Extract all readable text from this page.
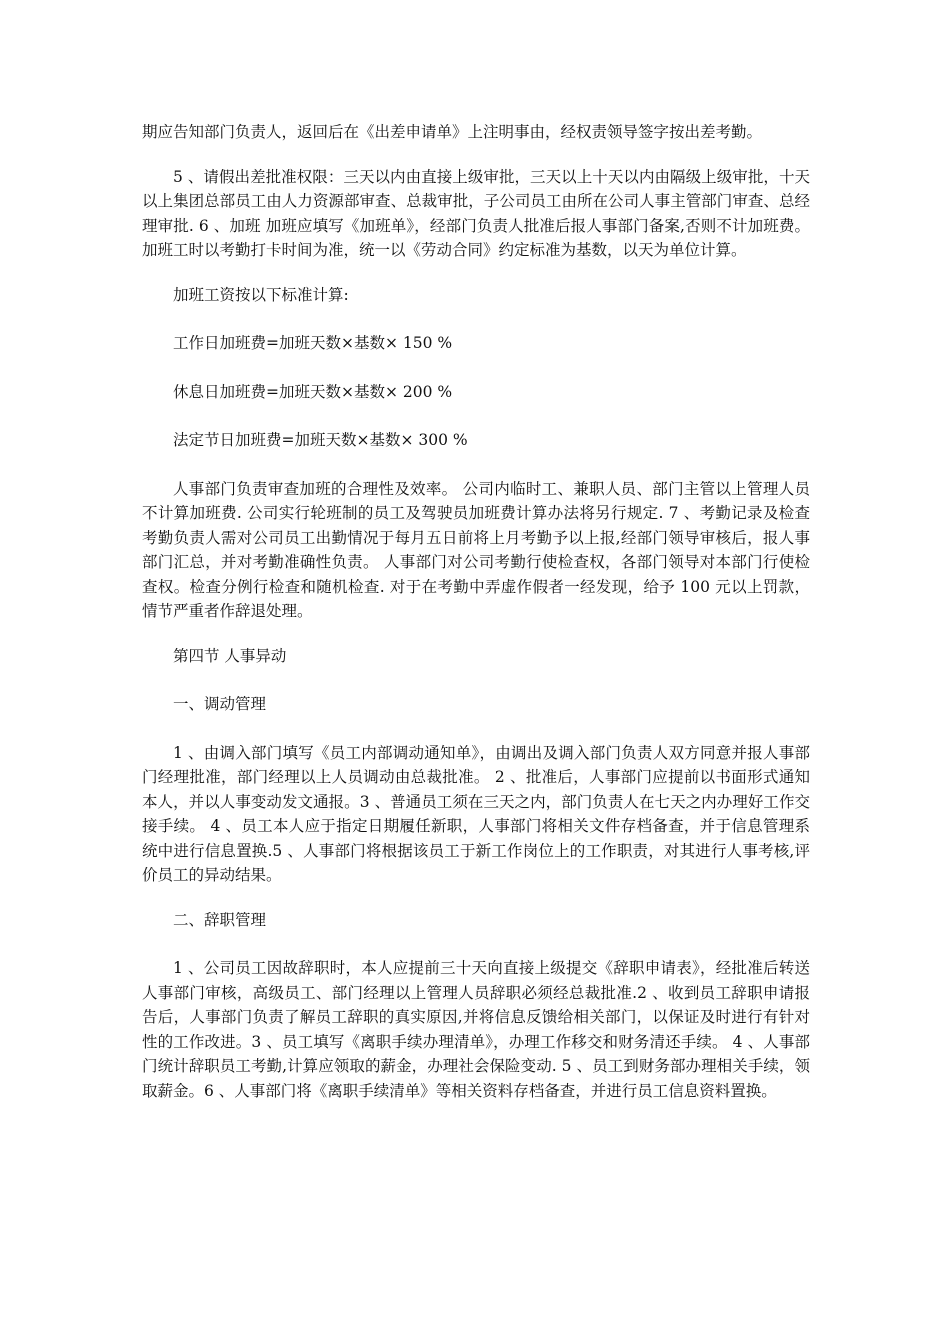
期应告知部门负责人，返回后在《出差申请单》上注明事由，经权责领导签字按出差考勤。

5 、请假出差批准权限：三天以内由直接上级审批，三天以上十天以内由隔级上级审批，十天以上集团总部员工由人力资源部审查、总裁审批，子公司员工由所在公司人事主管部门审查、总经理审批. 6 、加班 加班应填写《加班单》，经部门负责人批准后报人事部门备案,否则不计加班费。加班工时以考勤打卡时间为准，统一以《劳动合同》约定标准为基数，以天为单位计算。

加班工资按以下标准计算:

工作日加班费=加班天数×基数× 150 %

休息日加班费=加班天数×基数× 200 %

法定节日加班费=加班天数×基数× 300 %

人事部门负责审查加班的合理性及效率。 公司内临时工、兼职人员、部门主管以上管理人员不计算加班费. 公司实行轮班制的员工及驾驶员加班费计算办法将另行规定. 7 、考勤记录及检查 考勤负责人需对公司员工出勤情况于每月五日前将上月考勤予以上报,经部门领导审核后，报人事部门汇总，并对考勤准确性负责。 人事部门对公司考勤行使检查权，各部门领导对本部门行使检查权。检查分例行检查和随机检查. 对于在考勤中弄虚作假者一经发现，给予 100 元以上罚款，情节严重者作辞退处理。

第四节 人事异动

一、调动管理

1 、由调入部门填写《员工内部调动通知单》，由调出及调入部门负责人双方同意并报人事部门经理批准，部门经理以上人员调动由总裁批准。 2 、批准后，人事部门应提前以书面形式通知本人，并以人事变动发文通报。3 、普通员工须在三天之内，部门负责人在七天之内办理好工作交接手续。 4 、员工本人应于指定日期履任新职，人事部门将相关文件存档备查，并于信息管理系统中进行信息置换.5 、人事部门将根据该员工于新工作岗位上的工作职责，对其进行人事考核,评价员工的异动结果。

二、辞职管理

1 、公司员工因故辞职时，本人应提前三十天向直接上级提交《辞职申请表》，经批准后转送人事部门审核，高级员工、部门经理以上管理人员辞职必须经总裁批准.2 、收到员工辞职申请报告后，人事部门负责了解员工辞职的真实原因,并将信息反馈给相关部门，以保证及时进行有针对性的工作改进。3 、员工填写《离职手续办理清单》，办理工作移交和财务清还手续。 4 、人事部门统计辞职员工考勤,计算应领取的薪金，办理社会保险变动. 5 、员工到财务部办理相关手续，领取薪金。6 、人事部门将《离职手续清单》等相关资料存档备查，并进行员工信息资料置换。
